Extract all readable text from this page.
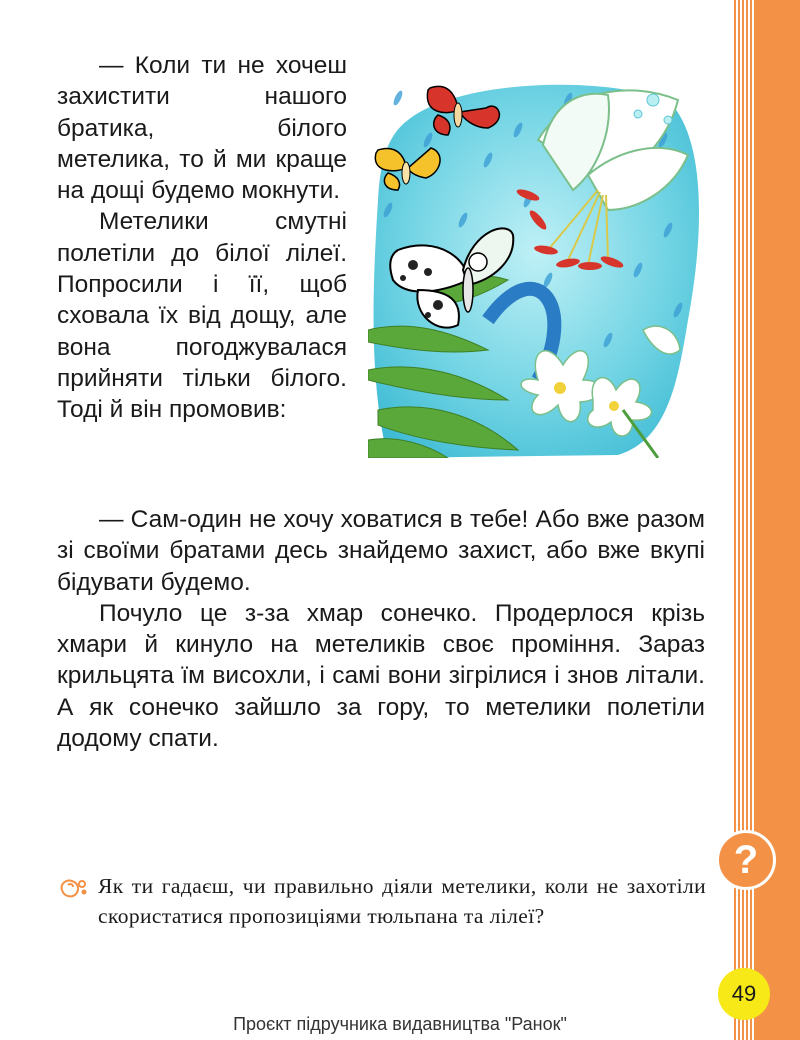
— Коли ти не хочеш захистити нашого братика, білого метелика, то й ми краще на дощі будемо мокнути.

Метелики смутні полетіли до білої лілеї. Попросили і її, щоб сховала їх від дощу, але вона погоджувалася прийняти тільки білого. Тоді й він промовив:

— Сам-один не хочу ховатися в тебе! Або вже разом зі своїми братами десь знайдемо захист, або вже вкупі бідувати будемо.

Почуло це з-за хмар сонечко. Продерлося крізь хмари й кинуло на метеликів своє проміння. Зараз крильцята їм висохли, і самі вони зігрілися і знов літали. А як сонечко зайшло за гору, то метелики полетіли додому спати.

?
Як ти гадаєш, чи правильно діяли метелики, коли не захотіли скористатися пропозиціями тюльпана та лілеї?
49
Проєкт підручника видавництва "Ранок"
